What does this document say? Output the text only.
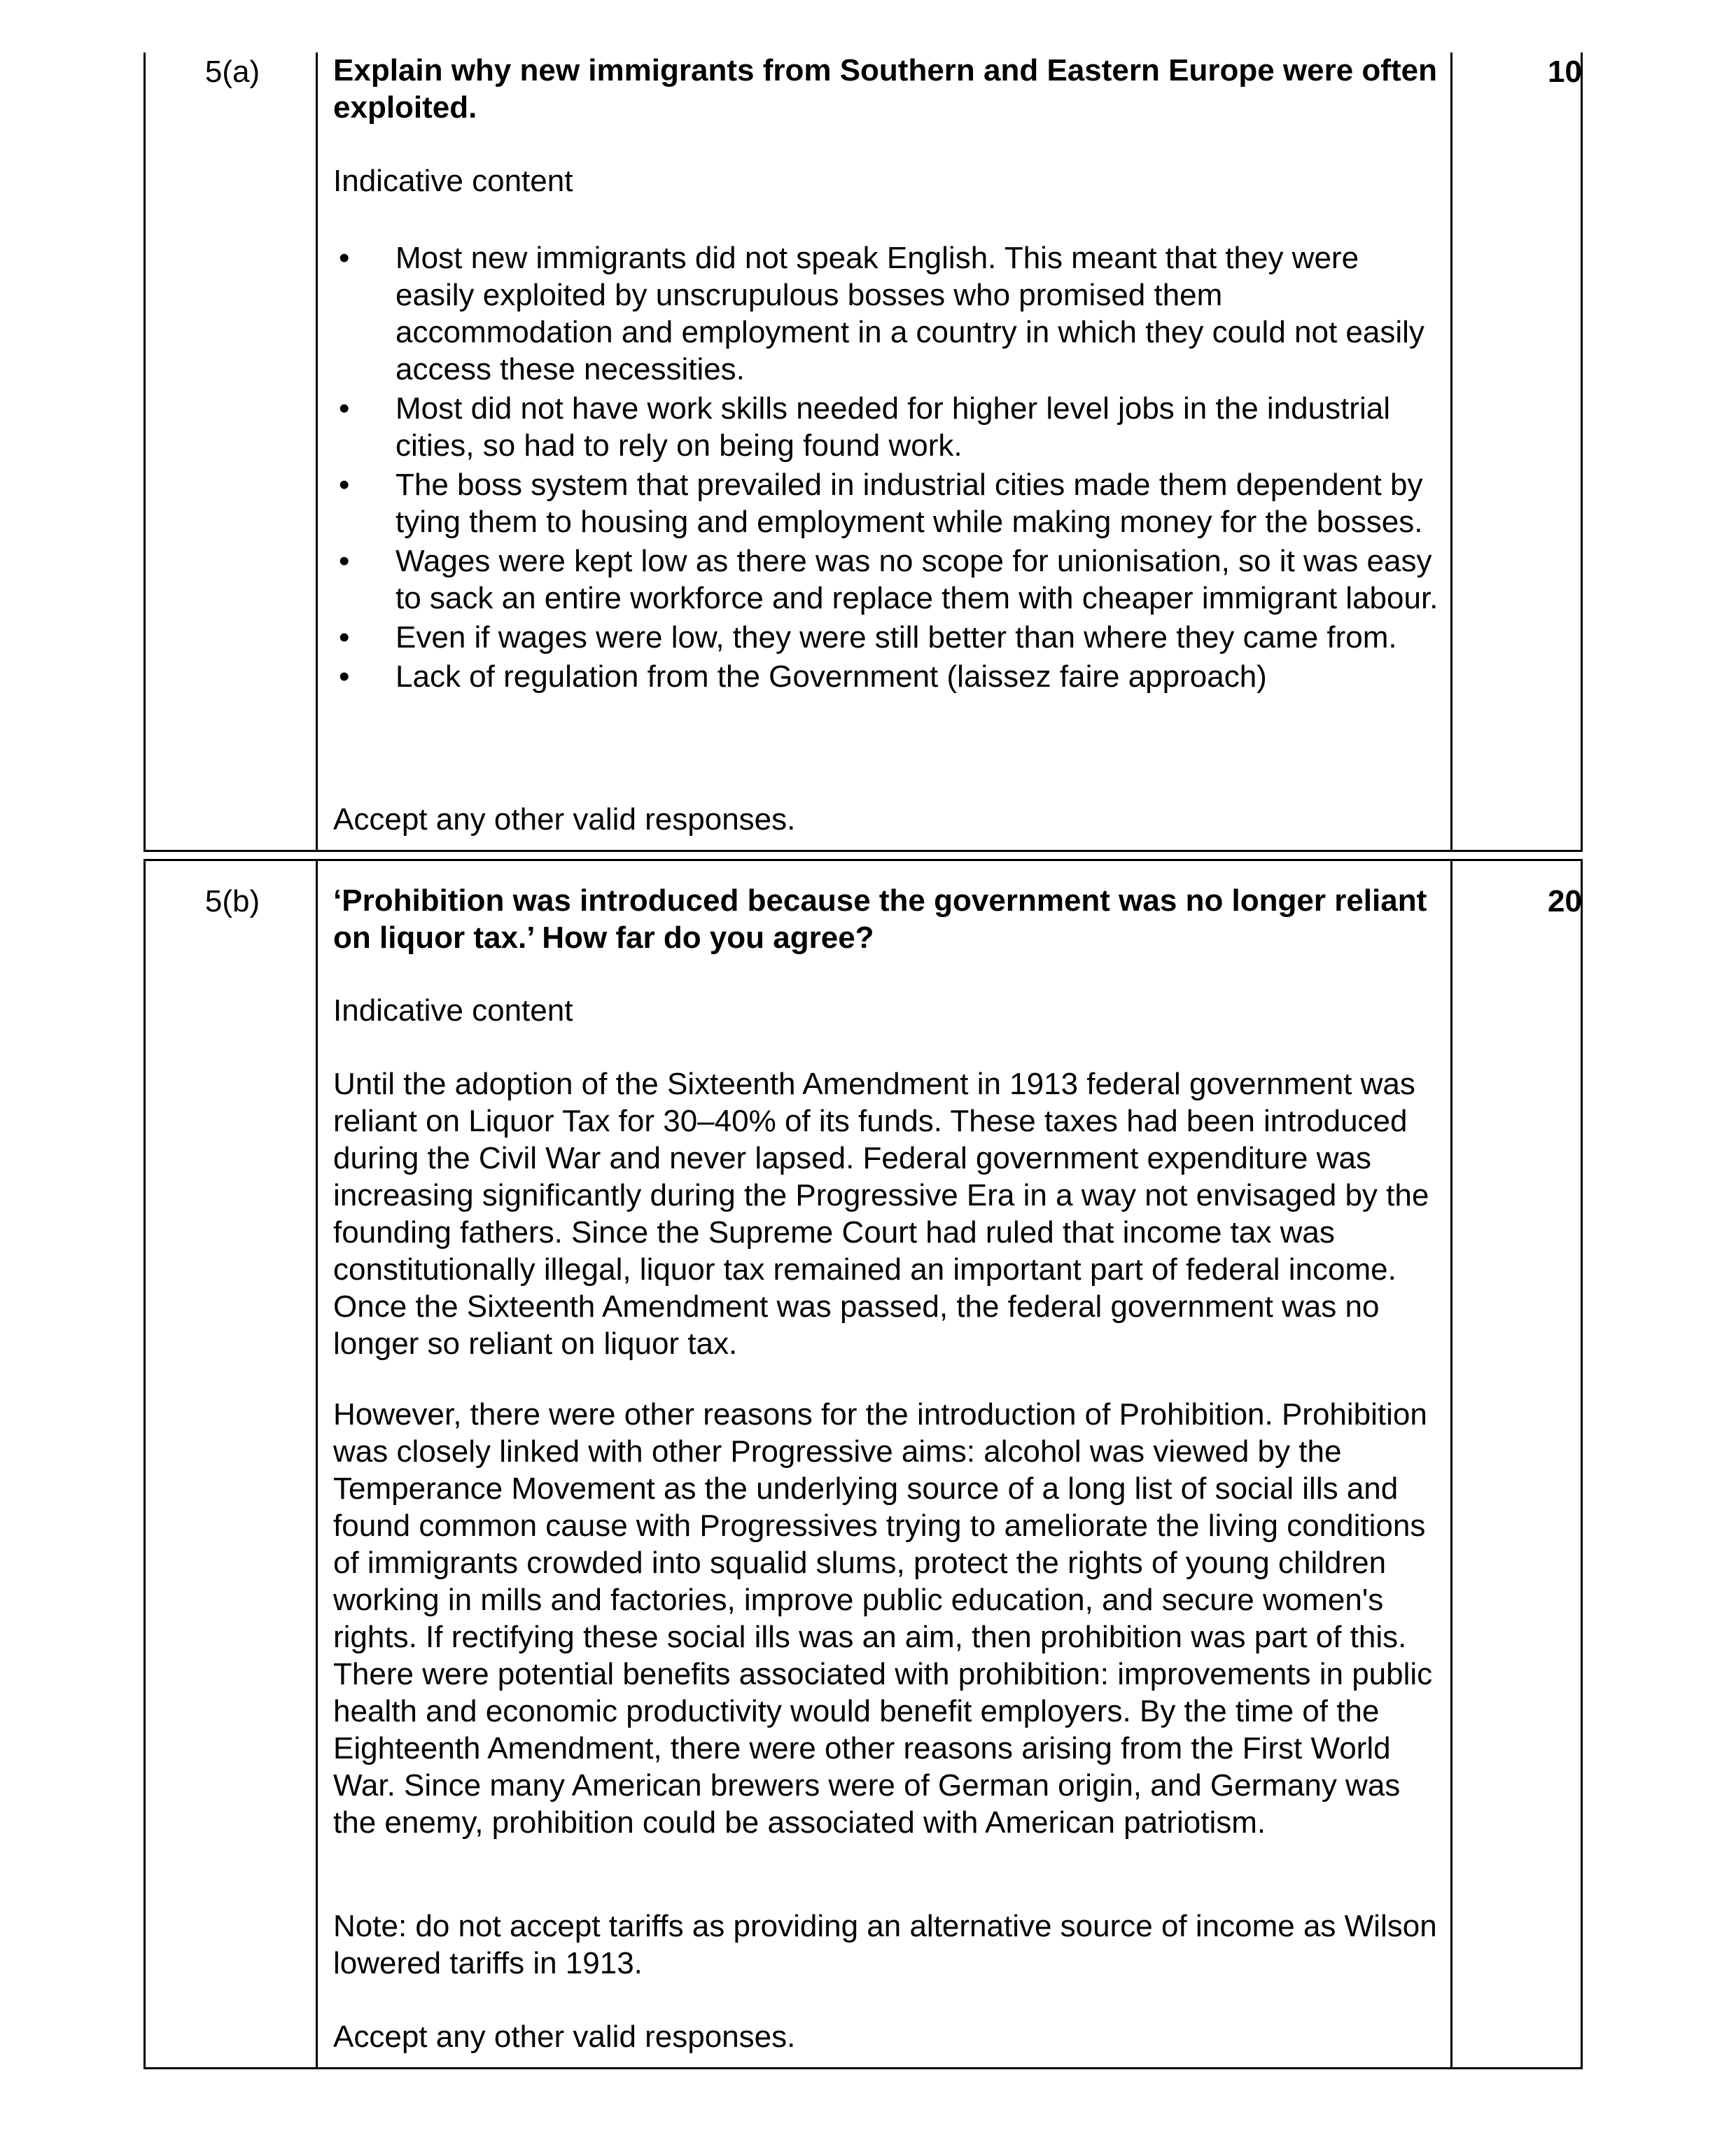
5(a)	Explain why new immigrants from Southern and Eastern Europe were often exploited.
10
Indicative content
• Most new immigrants did not speak English. This meant that they were easily exploited by unscrupulous bosses who promised them accommodation and employment in a country in which they could not easily access these necessities.
• Most did not have work skills needed for higher level jobs in the industrial cities, so had to rely on being found work.
• The boss system that prevailed in industrial cities made them dependent by tying them to housing and employment while making money for the bosses.
• Wages were kept low as there was no scope for unionisation, so it was easy to sack an entire workforce and replace them with cheaper immigrant labour.
• Even if wages were low, they were still better than where they came from.
• Lack of regulation from the Government (laissez faire approach)
Accept any other valid responses.
5(b)	‘Prohibition was introduced because the government was no longer reliant on liquor tax.’ How far do you agree?
20
Indicative content
Until the adoption of the Sixteenth Amendment in 1913 federal government was reliant on Liquor Tax for 30–40% of its funds. These taxes had been introduced during the Civil War and never lapsed. Federal government expenditure was increasing significantly during the Progressive Era in a way not envisaged by the founding fathers. Since the Supreme Court had ruled that income tax was constitutionally illegal, liquor tax remained an important part of federal income. Once the Sixteenth Amendment was passed, the federal government was no longer so reliant on liquor tax.
However, there were other reasons for the introduction of Prohibition. Prohibition was closely linked with other Progressive aims: alcohol was viewed by the Temperance Movement as the underlying source of a long list of social ills and found common cause with Progressives trying to ameliorate the living conditions of immigrants crowded into squalid slums, protect the rights of young children working in mills and factories, improve public education, and secure women's rights. If rectifying these social ills was an aim, then prohibition was part of this. There were potential benefits associated with prohibition: improvements in public health and economic productivity would benefit employers. By the time of the Eighteenth Amendment, there were other reasons arising from the First World War. Since many American brewers were of German origin, and Germany was the enemy, prohibition could be associated with American patriotism.
Note: do not accept tariffs as providing an alternative source of income as Wilson lowered tariffs in 1913.
Accept any other valid responses.
